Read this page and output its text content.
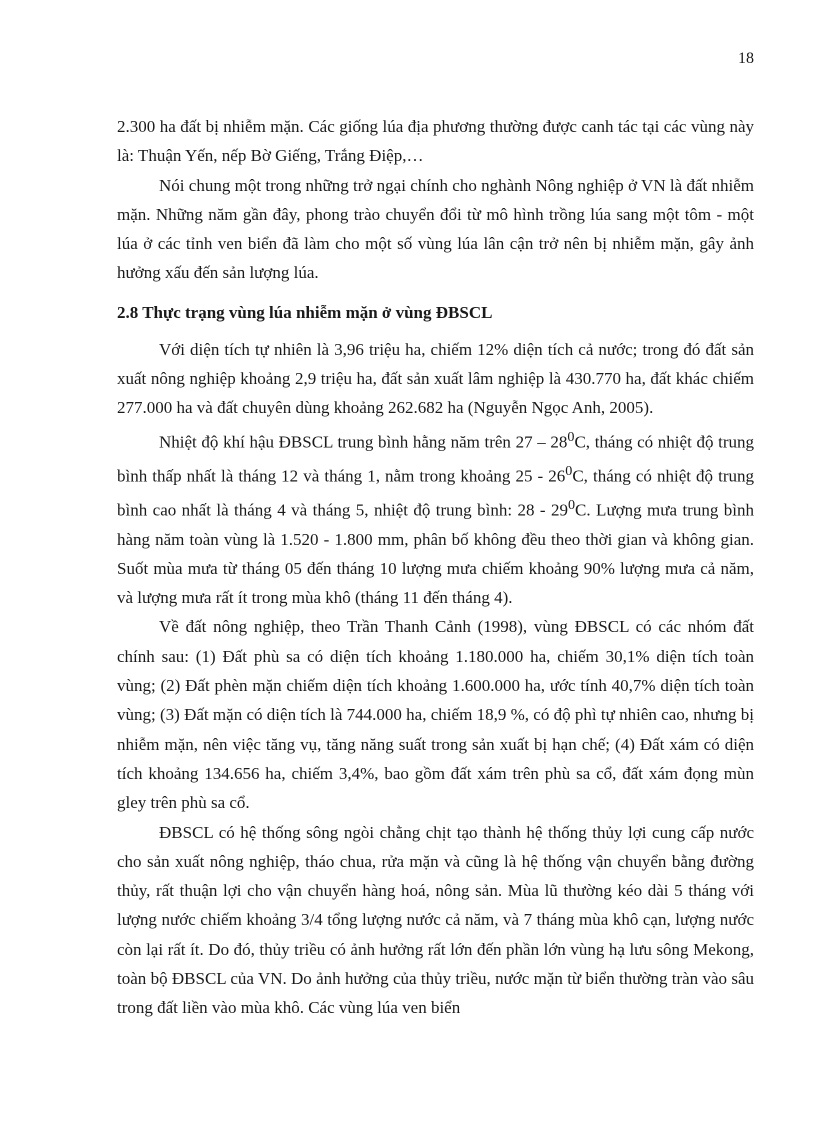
18

2.300 ha đất bị nhiễm mặn. Các giống lúa địa phương thường được canh tác tại các vùng này là: Thuận Yến, nếp Bờ Giếng, Trắng Điệp,…

Nói chung một trong những trở ngại chính cho nghành Nông nghiệp ở VN là đất nhiễm mặn. Những năm gần đây, phong trào chuyển đổi từ mô hình trồng lúa sang một tôm - một lúa ở các tỉnh ven biển đã làm cho một số vùng lúa lân cận trở nên bị nhiễm mặn, gây ảnh hưởng xấu đến sản lượng lúa.

2.8 Thực trạng vùng lúa nhiễm mặn ở vùng ĐBSCL

Với diện tích tự nhiên là 3,96 triệu ha, chiếm 12% diện tích cả nước; trong đó đất sản xuất nông nghiệp khoảng 2,9 triệu ha, đất sản xuất lâm nghiệp là 430.770 ha, đất khác chiếm 277.000 ha và đất chuyên dùng khoảng 262.682 ha (Nguyễn Ngọc Anh, 2005).

Nhiệt độ khí hậu ĐBSCL trung bình hằng năm trên $27 - 28^0C$, tháng có nhiệt độ trung bình thấp nhất là tháng 12 và tháng 1, nằm trong khoảng $25 - 26^0C$, tháng có nhiệt độ trung bình cao nhất là tháng 4 và tháng 5, nhiệt độ trung bình: $28 - 29^0C$. Lượng mưa trung bình hàng năm toàn vùng là 1.520 - 1.800 mm, phân bố không đều theo thời gian và không gian. Suốt mùa mưa từ tháng 05 đến tháng 10 lượng mưa chiếm khoảng 90% lượng mưa cả năm, và lượng mưa rất ít trong mùa khô (tháng 11 đến tháng 4).

Về đất nông nghiệp, theo Trần Thanh Cảnh (1998), vùng ĐBSCL có các nhóm đất chính sau: (1) Đất phù sa có diện tích khoảng 1.180.000 ha, chiếm 30,1% diện tích toàn vùng; (2) Đất phèn mặn chiếm diện tích khoảng 1.600.000 ha, ước tính 40,7% diện tích toàn vùng; (3) Đất mặn có diện tích là 744.000 ha, chiếm 18,9 %, có độ phì tự nhiên cao, nhưng bị nhiễm mặn, nên việc tăng vụ, tăng năng suất trong sản xuất bị hạn chế; (4) Đất xám có diện tích khoảng 134.656 ha, chiếm 3,4%, bao gồm đất xám trên phù sa cổ, đất xám đọng mùn gley trên phù sa cổ.

ĐBSCL có hệ thống sông ngòi chằng chịt tạo thành hệ thống thủy lợi cung cấp nước cho sản xuất nông nghiệp, tháo chua, rửa mặn và cũng là hệ thống vận chuyển bằng đường thủy, rất thuận lợi cho vận chuyển hàng hoá, nông sản. Mùa lũ thường kéo dài 5 tháng với lượng nước chiếm khoảng 3/4 tổng lượng nước cả năm, và 7 tháng mùa khô cạn, lượng nước còn lại rất ít. Do đó, thủy triều có ảnh hưởng rất lớn đến phần lớn vùng hạ lưu sông Mekong, toàn bộ ĐBSCL của VN. Do ảnh hưởng của thủy triều, nước mặn từ biển thường tràn vào sâu trong đất liền vào mùa khô. Các vùng lúa ven biển
